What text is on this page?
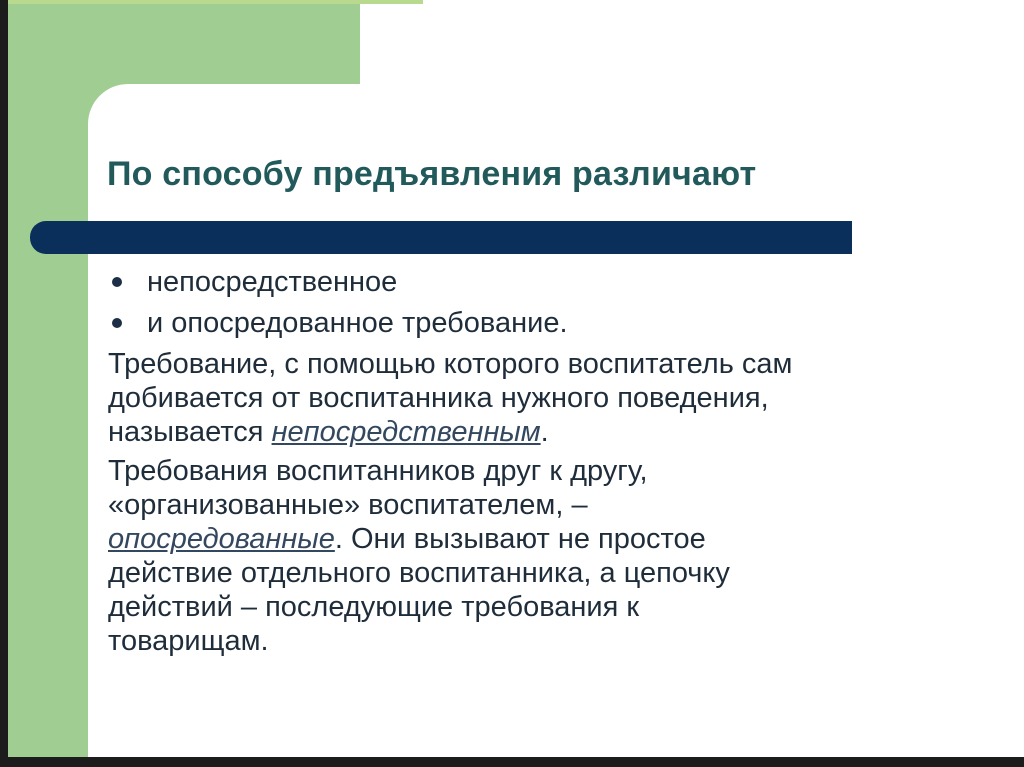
По способу предъявления различают
непосредственное
и опосредованное требование.

Требование, с помощью которого воспитатель сам
добивается от воспитанника нужного поведения,
называется непосредственным.

Требования воспитанников друг к другу,
«организованные» воспитателем, –
опосредованные. Они вызывают не простое
действие отдельного воспитанника, а цепочку
действий – последующие требования к
товарищам.
